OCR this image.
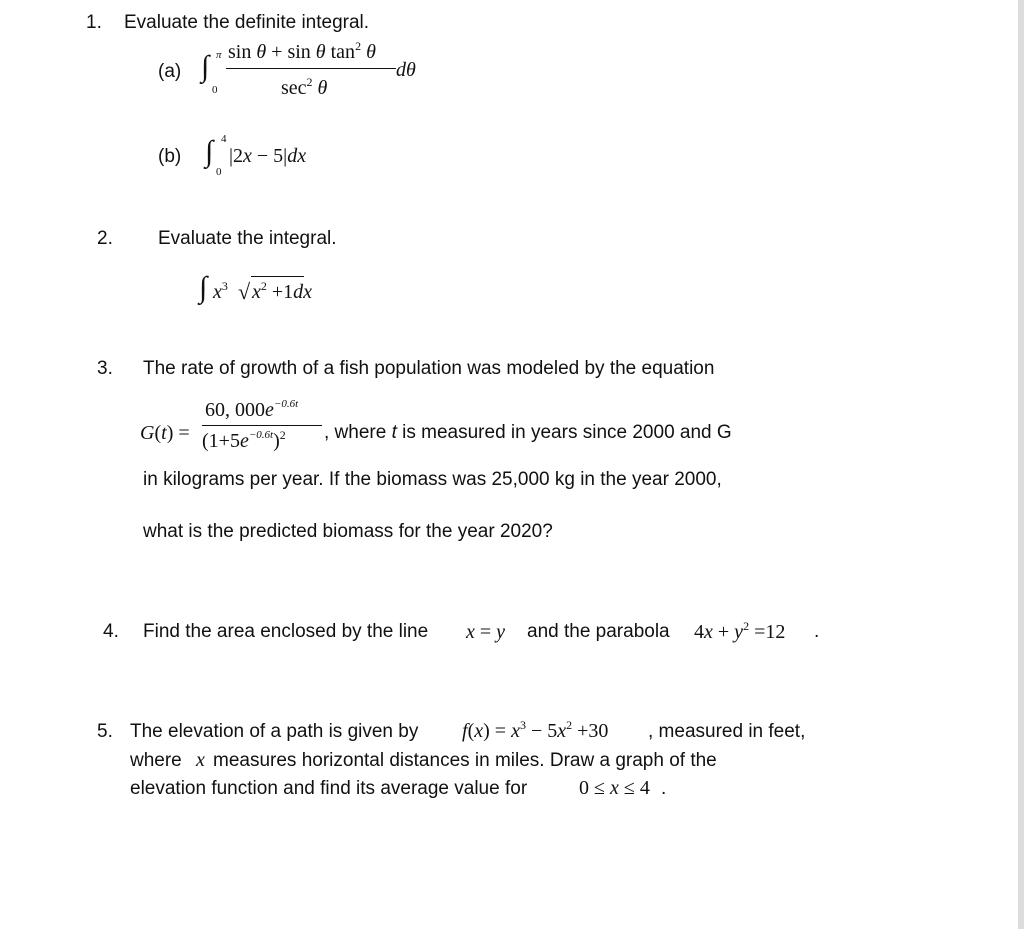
1. Evaluate the definite integral.
(a) ∫ π
0
sin θ + sin θ $\tan^2 \theta$
$\sec^2 \theta$
dθ
(b) ∫ 4
0
|2x − 5|dx
2. Evaluate the integral.
∫ $x^3$ √ $x^2 +1dx$
3. The rate of growth of a fish population was modeled by the equation
G(t) =
60, $000e^{-0.6t}$
$(1+5e^{-0.6t})^2$ , where t is measured in years since 2000 and G
in kilograms per year. If the biomass was 25,000 kg in the year 2000,
what is the predicted biomass for the year 2020?
4. Find the area enclosed by the line x = y and the parabola $4x + y^2 =12$ .
5. The elevation of a path is given by $f(x) = x^3 - 5x^2 +30$ , measured in feet,
where x measures horizontal distances in miles. Draw a graph of the
elevation function and find its average value for	0 ≤ x ≤ 4 .
